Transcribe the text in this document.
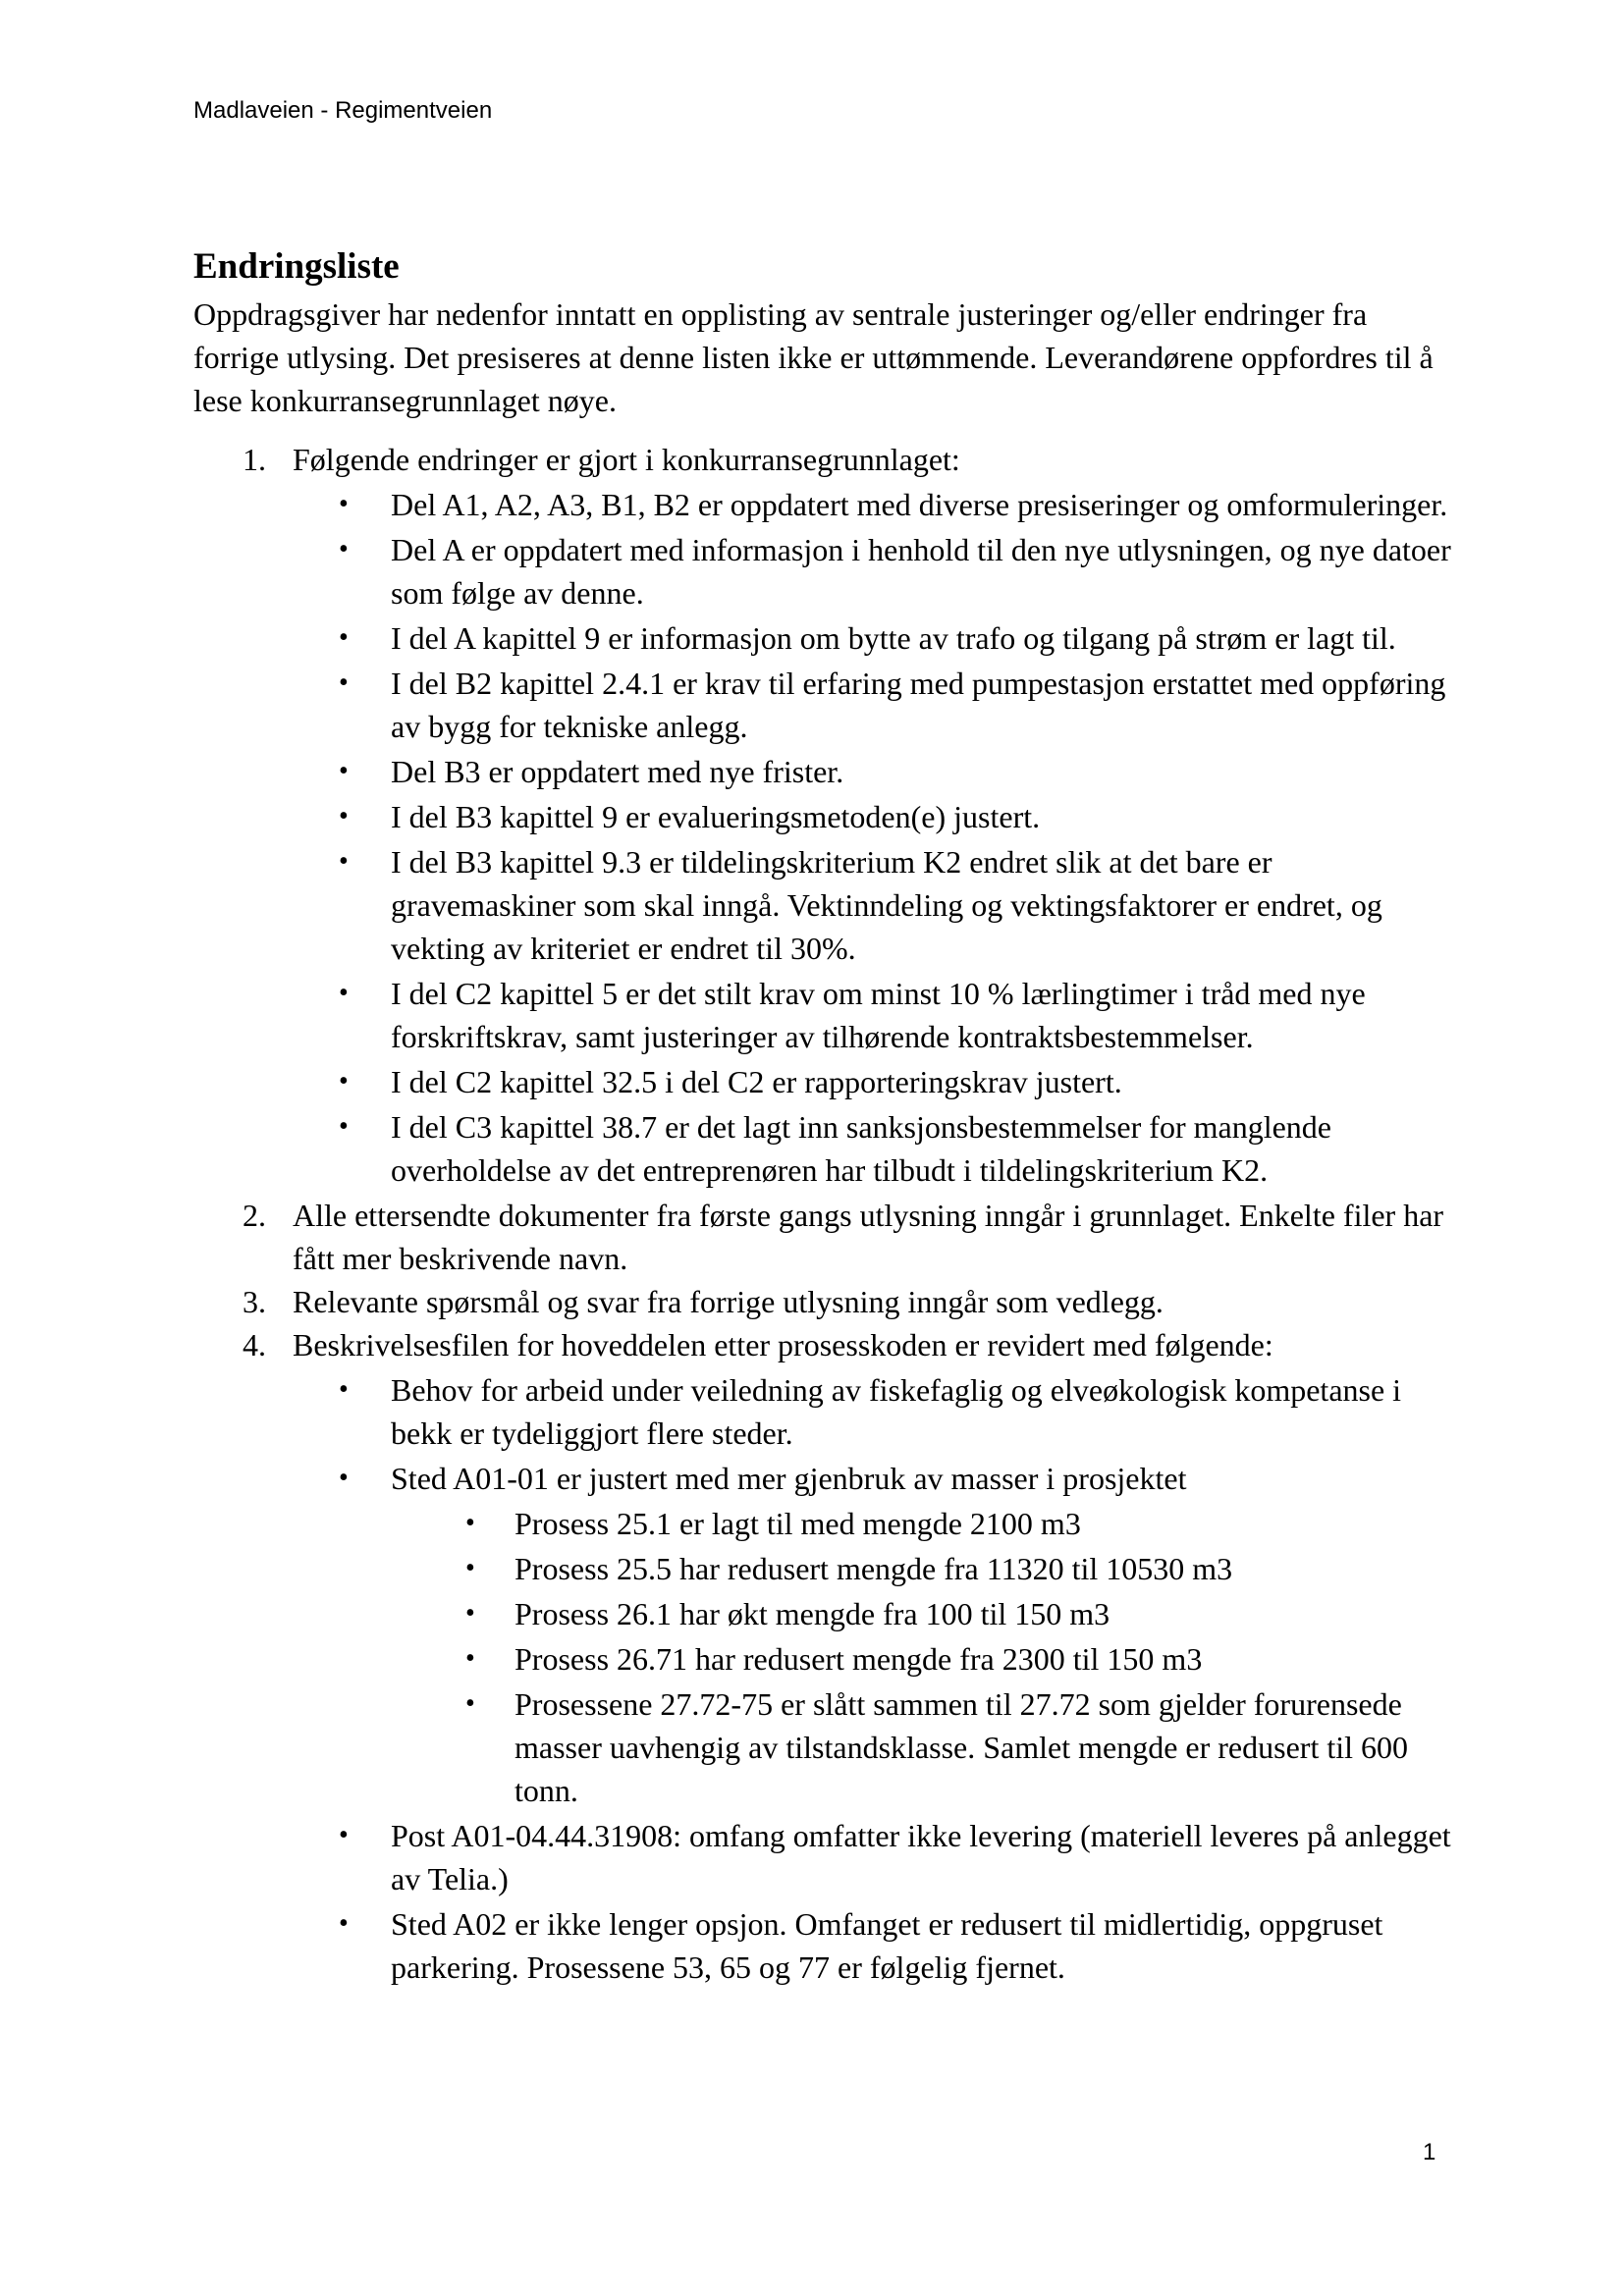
Madlaveien - Regimentveien
Endringsliste
Oppdragsgiver har nedenfor inntatt en opplisting av sentrale justeringer og/eller endringer fra forrige utlysing. Det presiseres at denne listen ikke er uttømmende. Leverandørene oppfordres til å lese konkurransegrunnlaget nøye.
1. Følgende endringer er gjort i konkurransegrunnlaget:
• Del A1, A2, A3, B1, B2 er oppdatert med diverse presiseringer og omformuleringer.
• Del A er oppdatert med informasjon i henhold til den nye utlysningen, og nye datoer som følge av denne.
• I del A kapittel 9 er informasjon om bytte av trafo og tilgang på strøm er lagt til.
• I del B2 kapittel 2.4.1 er krav til erfaring med pumpestasjon erstattet med oppføring av bygg for tekniske anlegg.
• Del B3 er oppdatert med nye frister.
• I del B3 kapittel 9 er evalueringsmetoden(e) justert.
• I del B3 kapittel 9.3 er tildelingskriterium K2 endret slik at det bare er gravemaskiner som skal inngå. Vektinndeling og vektingsfaktorer er endret, og vekting av kriteriet er endret til 30%.
• I del C2 kapittel 5 er det stilt krav om minst 10 % lærlingtimer i tråd med nye forskriftskrav, samt justeringer av tilhørende kontraktsbestemmelser.
• I del C2 kapittel 32.5 i del C2 er rapporteringskrav justert.
• I del C3 kapittel 38.7 er det lagt inn sanksjonsbestemmelser for manglende overholdelse av det entreprenøren har tilbudt i tildelingskriterium K2.
2. Alle ettersendte dokumenter fra første gangs utlysning inngår i grunnlaget. Enkelte filer har fått mer beskrivende navn.
3. Relevante spørsmål og svar fra forrige utlysning inngår som vedlegg.
4. Beskrivelsesfilen for hoveddelen etter prosesskoden er revidert med følgende:
• Behov for arbeid under veiledning av fiskefaglig og elveøkologisk kompetanse i bekk er tydeliggjort flere steder.
• Sted A01-01 er justert med mer gjenbruk av masser i prosjektet
• Prosess 25.1 er lagt til med mengde 2100 m3
• Prosess 25.5 har redusert mengde fra 11320 til 10530 m3
• Prosess 26.1 har økt mengde fra 100 til 150 m3
• Prosess 26.71 har redusert mengde fra 2300 til 150 m3
• Prosessene 27.72-75 er slått sammen til 27.72 som gjelder forurensede masser uavhengig av tilstandsklasse. Samlet mengde er redusert til 600 tonn.
• Post A01-04.44.31908: omfang omfatter ikke levering (materiell leveres på anlegget av Telia.)
• Sted A02 er ikke lenger opsjon. Omfanget er redusert til midlertidig, oppgruset parkering. Prosessene 53, 65 og 77 er følgelig fjernet.
1
